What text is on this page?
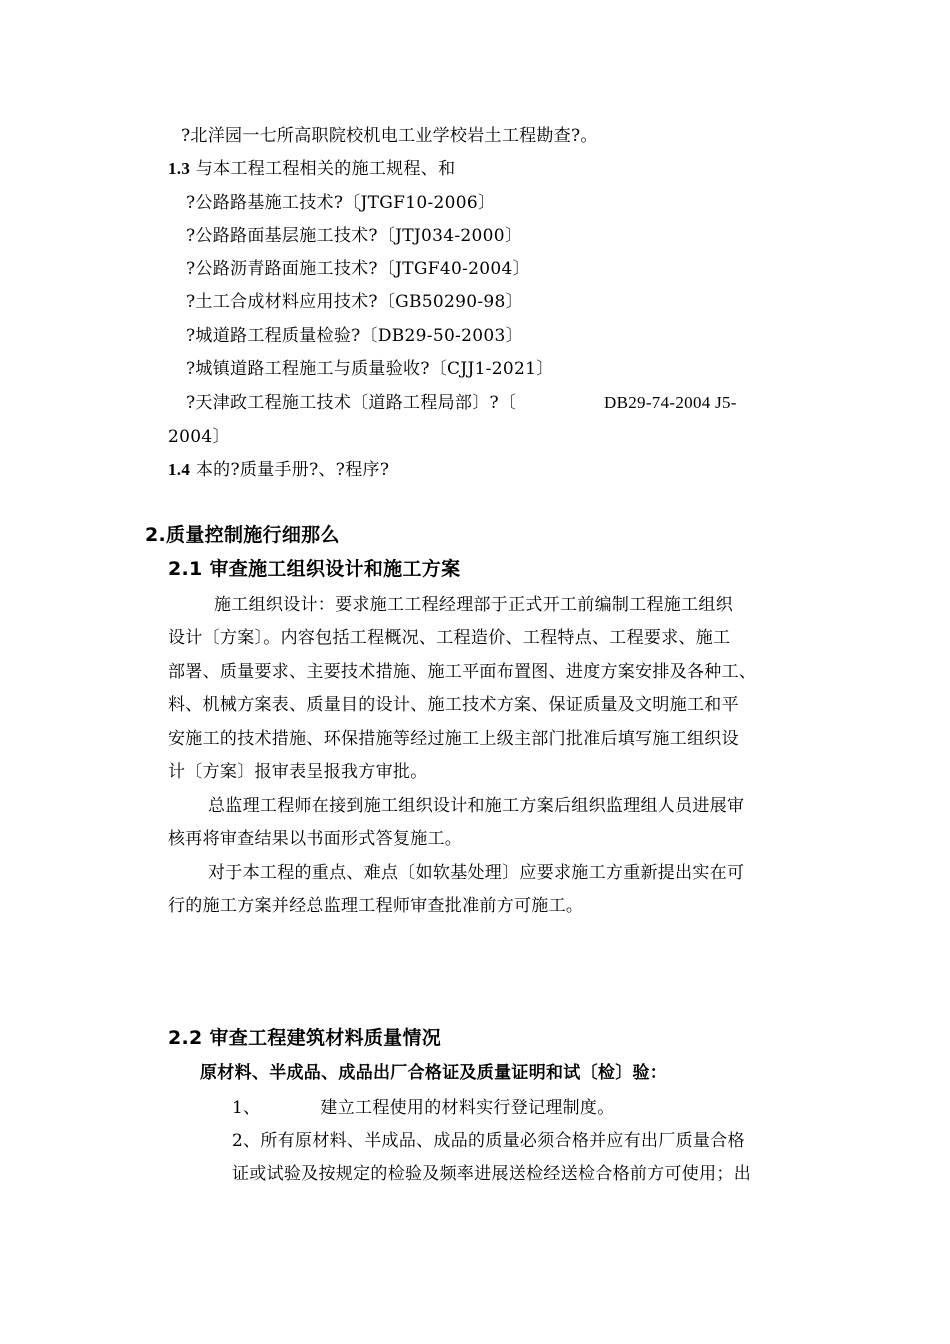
?北洋园一七所高职院校机电工业学校岩土工程勘查?。
1.3 与本工程工程相关的施工规程、和
?公路路基施工技术?〔JTGF10-2006〕
?公路路面基层施工技术?〔JTJ034-2000〕
?公路沥青路面施工技术?〔JTGF40-2004〕
?土工合成材料应用技术?〔GB50290-98〕
?城道路工程质量检验?〔DB29-50-2003〕
?城镇道路工程施工与质量验收?〔CJJ1-2021〕
?天津政工程施工技术〔道路工程局部〕?〔	DB29-74-2004 J5-
2004〕
1.4 本的?质量手册?、?程序?
2.质量控制施行细那么
2.1 审查施工组织设计和施工方案
施工组织设计：要求施工工程经理部于正式开工前编制工程施工组织
设计〔方案〕。内容包括工程概况、工程造价、工程特点、工程要求、施工
部署、质量要求、主要技术措施、施工平面布置图、进度方案安排及各种工、
料、机械方案表、质量目的设计、施工技术方案、保证质量及文明施工和平
安施工的技术措施、环保措施等经过施工上级主部门批准后填写施工组织设
计〔方案〕报审表呈报我方审批。
总监理工程师在接到施工组织设计和施工方案后组织监理组人员进展审
核再将审查结果以书面形式答复施工。
对于本工程的重点、难点〔如软基处理〕应要求施工方重新提出实在可
行的施工方案并经总监理工程师审查批准前方可施工。
2.2 审查工程建筑材料质量情况
原材料、半成品、成品出厂合格证及质量证明和试〔检〕验：
1、	建立工程使用的材料实行登记理制度。
2、所有原材料、半成品、成品的质量必须合格并应有出厂质量合格
证或试验及按规定的检验及频率进展送检经送检合格前方可使用；出
